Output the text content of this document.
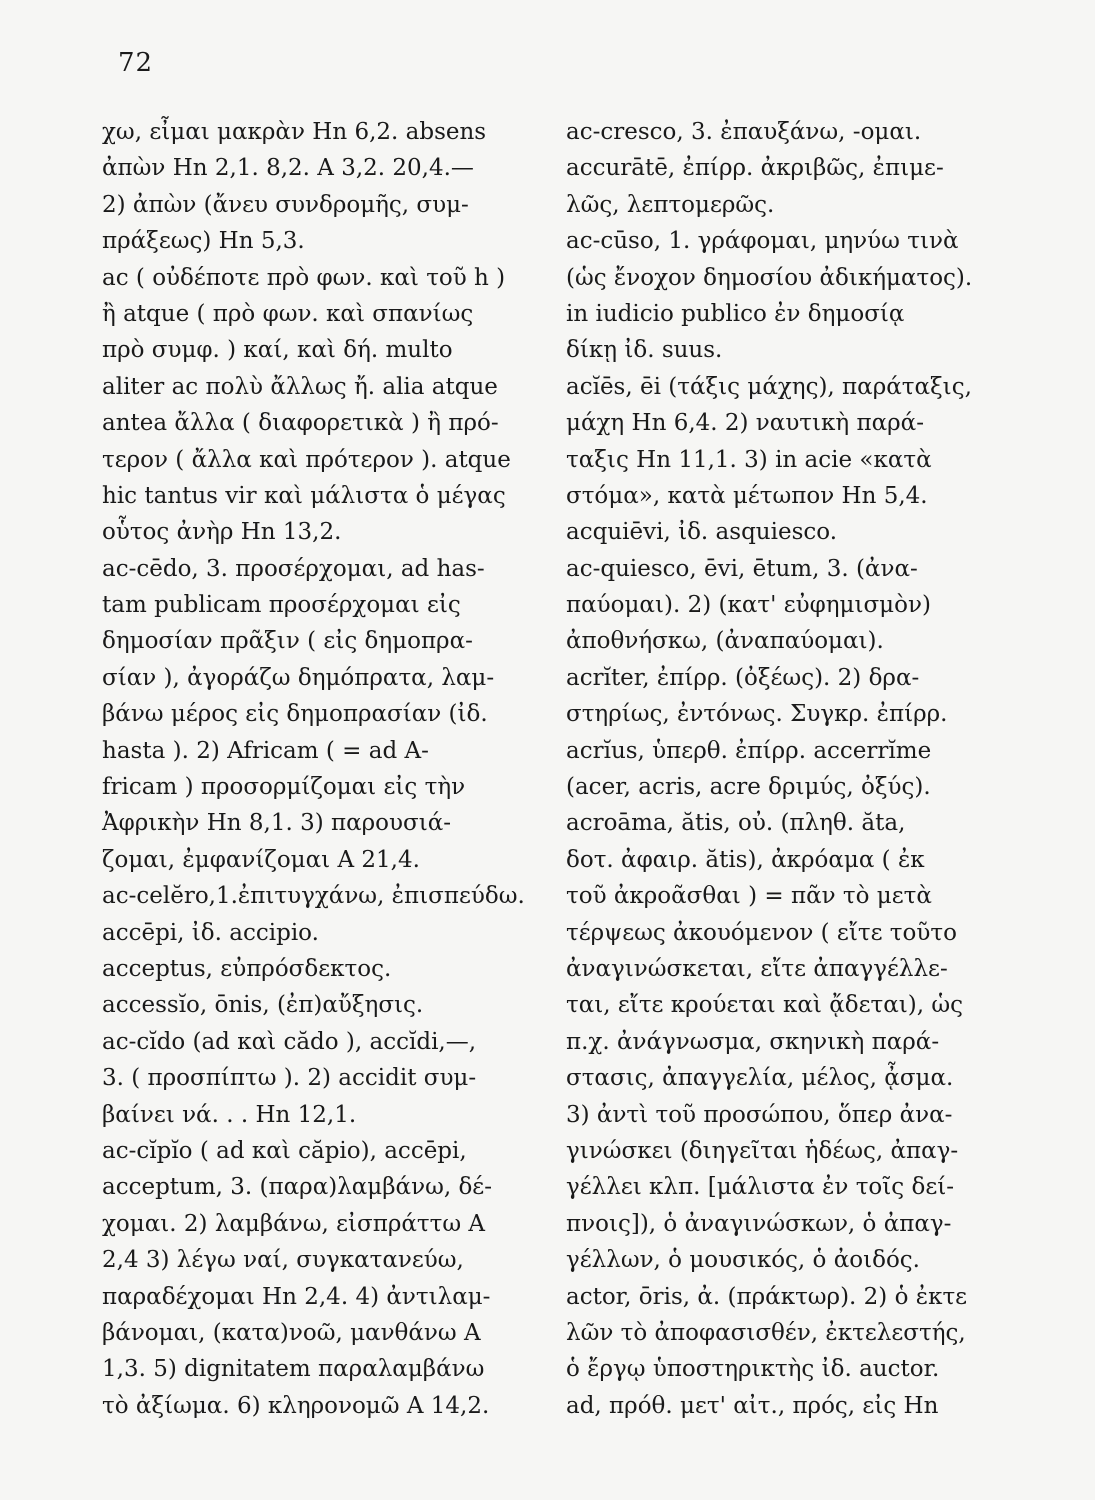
72
χω, εἶμαι μακρὰν Hn 6,2. absens
ἀπὼν Hn 2,1. 8,2. A 3,2. 20,4.—
2) ἀπὼν (ἄνευ συνδρομῆς, συμ-
πράξεως) Hn 5,3.
ac ( οὐδέποτε πρὸ φων. καὶ τοῦ h )
ἢ atque ( πρὸ φων. καὶ σπανίως
πρὸ συμφ. ) καί, καὶ δή. multo
aliter ac πολὺ ἄλλως ἤ. alia atque
antea ἄλλα ( διαφορετικὰ ) ἢ πρό-
τερον ( ἄλλα καὶ πρότερον ). atque
hic tantus vir καὶ μάλιστα ὁ μέγας
οὗτος ἀνὴρ Hn 13,2.
ac-cēdo, 3. προσέρχομαι, ad has-
tam publicam προσέρχομαι εἰς
δημοσίαν πρᾶξιν ( εἰς δημοπρα-
σίαν ), ἀγοράζω δημόπρατα, λαμ-
βάνω μέρος εἰς δημοπρασίαν (ἰδ.
hasta ). 2) Africam ( = ad A-
fricam ) προσορμίζομαι εἰς τὴν
Ἀφρικὴν Hn 8,1. 3) παρουσιά-
ζομαι, ἐμφανίζομαι A 21,4.
ac-celĕro,1.ἐπιτυγχάνω, ἐπισπεύδω.
accēpi, ἰδ. accipio.
acceptus, εὐπρόσδεκτος.
accessĭo, ōnis, (ἐπ)αὔξησις.
ac-cĭdo (ad καὶ cădo ), accĭdi,—,
3. ( προσπίπτω ). 2) accidit συμ-
βαίνει νά. . . Hn 12,1.
ac-cĭpĭo ( ad καὶ căpio), accēpi,
acceptum, 3. (παρα)λαμβάνω, δέ-
χομαι. 2) λαμβάνω, εἰσπράττω A
2,4 3) λέγω ναί, συγκατανεύω,
παραδέχομαι Hn 2,4. 4) ἀντιλαμ-
βάνομαι, (κατα)νοῶ, μανθάνω A
1,3. 5) dignitatem παραλαμβάνω
τὸ ἀξίωμα. 6) κληρονομῶ A 14,2.
ac-cresco, 3. ἐπαυξάνω, -ομαι.
accurātē, ἐπίρρ. ἀκριβῶς, ἐπιμε-
λῶς, λεπτομερῶς.
ac-cūso, 1. γράφομαι, μηνύω τινὰ
(ὡς ἔνοχον δημοσίου ἀδικήματος).
in iudicio publico ἐν δημοσίᾳ
δίκῃ ἰδ. suus.
acĭēs, ēi (τάξις μάχης), παράταξις,
μάχη Hn 6,4. 2) ναυτικὴ παρά-
ταξις Hn 11,1. 3) in acie «κατὰ
στόμα», κατὰ μέτωπον Hn 5,4.
acquiēvi, ἰδ. asquiesco.
ac-quiesco, ēvi, ētum, 3. (ἀνα-
παύομαι). 2) (κατ' εὐφημισμὸν)
ἀποθνήσκω, (ἀναπαύομαι).
acrĭter, ἐπίρρ. (ὀξέως). 2) δρα-
στηρίως, ἐντόνως. Συγκρ. ἐπίρρ.
acrĭus, ὑπερθ. ἐπίρρ. accerrĭme
(acer, acris, acre δριμύς, ὀξύς).
acroāma, ătis, οὐ. (πληθ. ăta,
δοτ. ἀφαιρ. ătis), ἀκρόαμα ( ἐκ
τοῦ ἀκροᾶσθαι ) = πᾶν τὸ μετὰ
τέρψεως ἀκουόμενον ( εἴτε τοῦτο
ἀναγινώσκεται, εἴτε ἀπαγγέλλε-
ται, εἴτε κρούεται καὶ ᾄδεται), ὡς
π.χ. ἀνάγνωσμα, σκηνικὴ παρά-
στασις, ἀπαγγελία, μέλος, ᾆσμα.
3) ἀντὶ τοῦ προσώπου, ὅπερ ἀνα-
γινώσκει (διηγεῖται ἡδέως, ἀπαγ-
γέλλει κλπ. [μάλιστα ἐν τοῖς δεί-
πνοις]), ὁ ἀναγινώσκων, ὁ ἀπαγ-
γέλλων, ὁ μουσικός, ὁ ἀοιδός.
actor, ōris, ἀ. (πράκτωρ). 2) ὁ ἐκτε
λῶν τὸ ἀποφασισθέν, ἐκτελεστής,
ὁ ἔργῳ ὑποστηρικτὴς ἰδ. auctor.
ad, πρόθ. μετ' αἰτ., πρός, εἰς Hn
